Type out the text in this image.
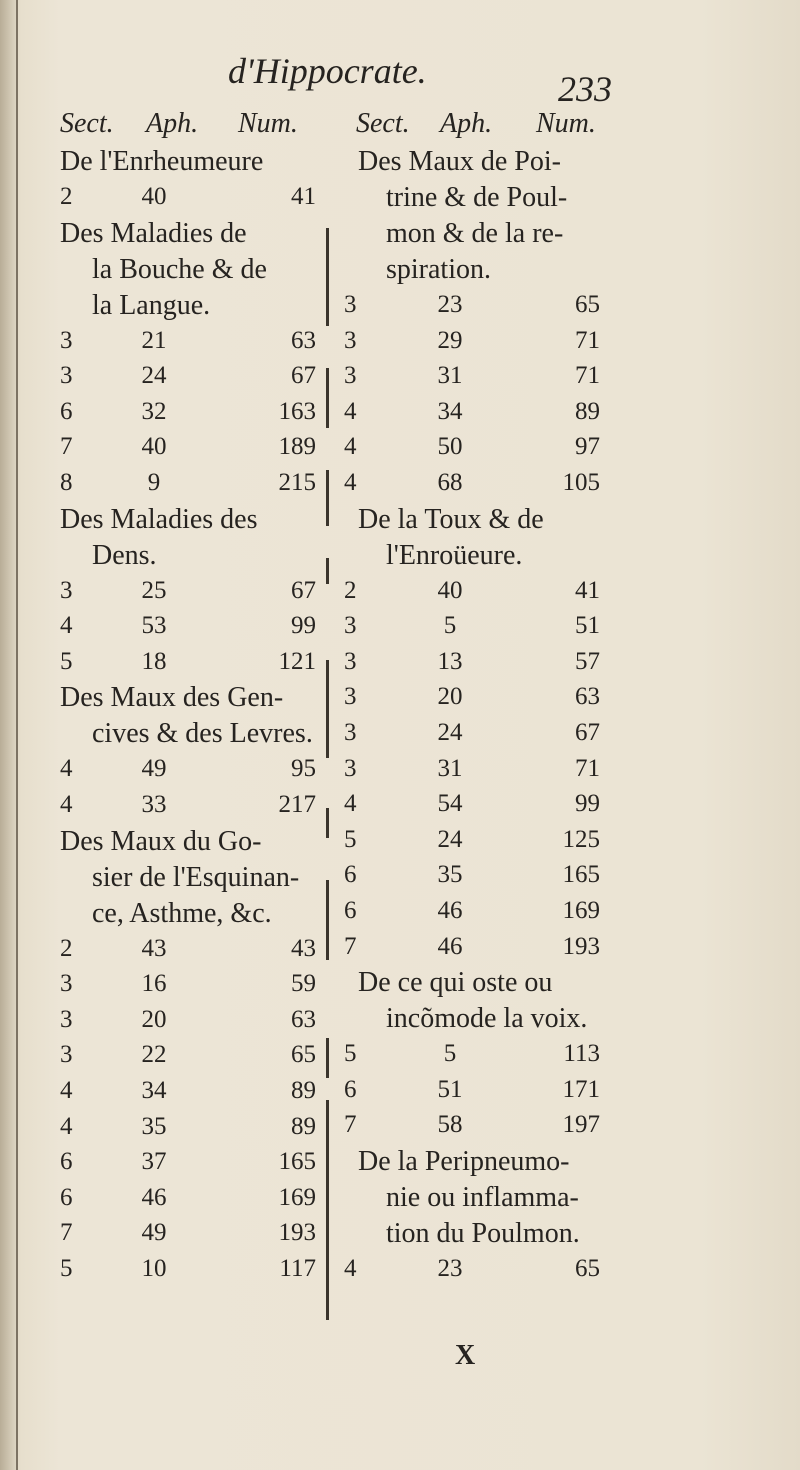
d'Hippocrate.	233
Sect. Aph. Num. Sect. Aph. Num.
De l'Enrheumeure
2	40	41
Des Maladies de
la Bouche & de
la Langue.
3	21	63
3	24	67
6	32	163
7	40	189
8	9	215
Des Maladies des
Dens.
3	25	67
4	53	99
5	18	121
Des Maux des Gen-
cives & des Levres.
4	49	95
4	33	217
Des Maux du Go-
sier de l'Esquinan-
ce, Asthme, &c.
2	43	43
3	16	59
3	20	63
3	22	65
4	34	89
4	35	89
6	37	165
6	46	169
7	49	193
5	10	117
Des Maux de Poi-
trine & de Poul-
mon & de la re-
spiration.
3	23	65
3	29	71
3	31	71
4	34	89
4	50	97
4	68	105
De la Toux & de
l'Enroüeure.
2	40	41
3	5	51
3	13	57
3	20	63
3	24	67
3	31	71
4	54	99
5	24	125
6	35	165
6	46	169
7	46	193
De ce qui oste ou
incõmode la voix.
5	5	113
6	51	171
7	58	197
De la Peripneumo-
nie ou inflamma-
tion du Poulmon.
4	23	65
X
